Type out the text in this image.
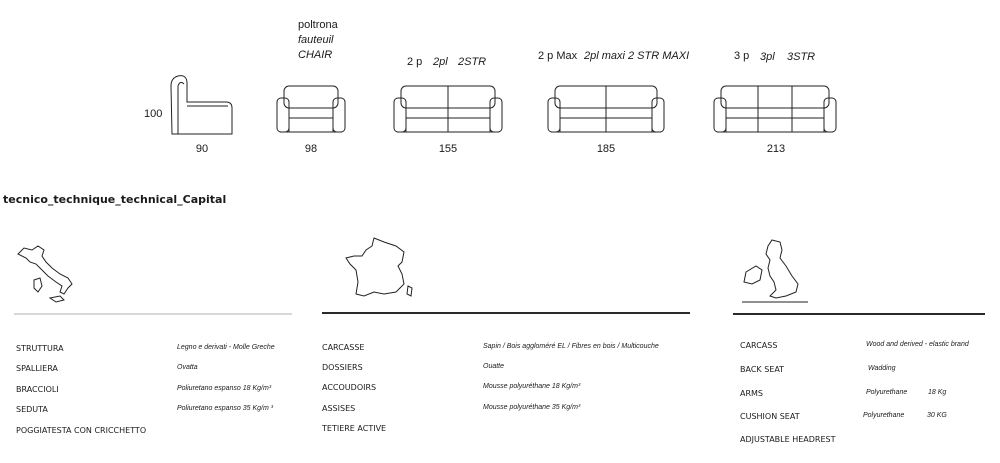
100
90
poltrona
fauteuil
CHAIR
98
2 p 2pl 2STR
155
2 p Max 2pl maxi 2 STR MAXI
185
3 p 3pl 3STR
213
tecnico_technique_technical_Capital
STRUTTURA	Legno e derivati - Molle Greche
SPALLIERA	Ovatta
BRACCIOLI	Poliuretano espanso 18 Kg/m³
SEDUTA	Poliuretano espanso 35 Kg/m ³
POGGIATESTA CON CRICCHETTO
CARCASSE	Sapin / Bois aggloméré EL / Fibres en bois / Multicouche
DOSSIERS	Ouatte
ACCOUDOIRS	Mousse polyuréthane 18 Kg/m³
ASSISES	Mousse polyuréthane 35 Kg/m³
TETIERE ACTIVE
CARCASS	Wood and derived - elastic brand
BACK SEAT	Wadding
ARMS	Polyurethane	18 Kg
CUSHION SEAT	Polyurethane	30 KG
ADJUSTABLE HEADREST
